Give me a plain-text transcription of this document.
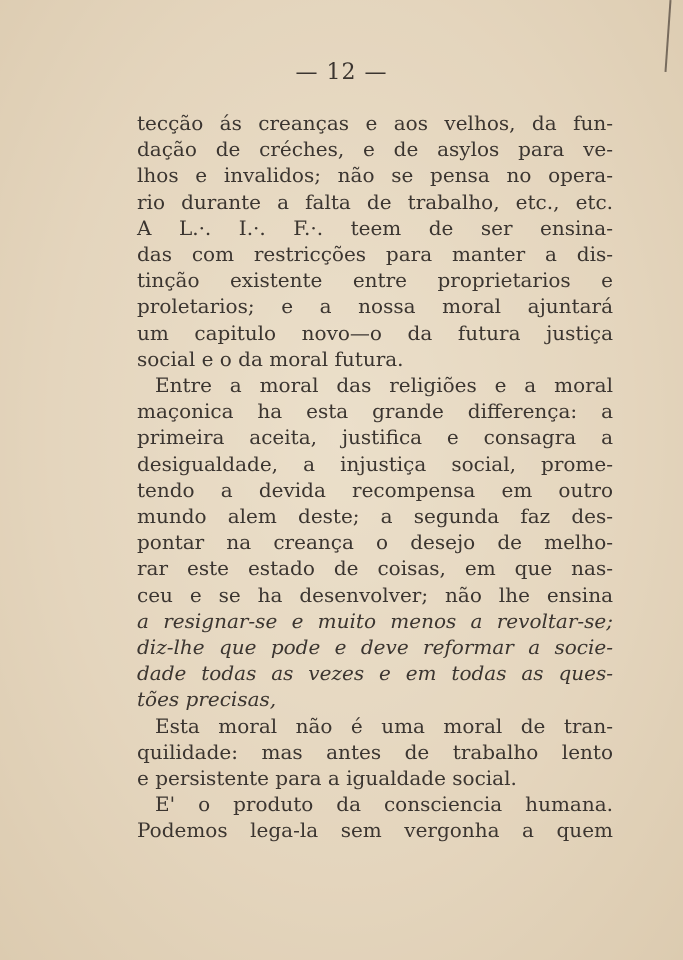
— 12 —
tecção ás creanças e aos velhos, da fun-
dação de créches, e de asylos para ve-
lhos e invalidos; não se pensa no opera-
rio durante a falta de trabalho, etc., etc.
A L.·. I.·. F.·. teem de ser ensina-
das com restricções para manter a dis-
tinção existente entre proprietarios e
proletarios; e a nossa moral ajuntará
um capitulo novo—o da futura justiça
social e o da moral futura.
Entre a moral das religiões e a moral
maçonica ha esta grande differença: a
primeira aceita, justifica e consagra a
desigualdade, a injustiça social, prome-
tendo a devida recompensa em outro
mundo alem deste; a segunda faz des-
pontar na creança o desejo de melho-
rar este estado de coisas, em que nas-
ceu e se ha desenvolver; não lhe ensina
a resignar-se e muito menos a revoltar-se;
diz-lhe que pode e deve reformar a socie-
dade todas as vezes e em todas as ques-
tões precisas,
Esta moral não é uma moral de tran-
quilidade: mas antes de trabalho lento
e persistente para a igualdade social.
E' o produto da consciencia humana.
Podemos lega-la sem vergonha a quem
